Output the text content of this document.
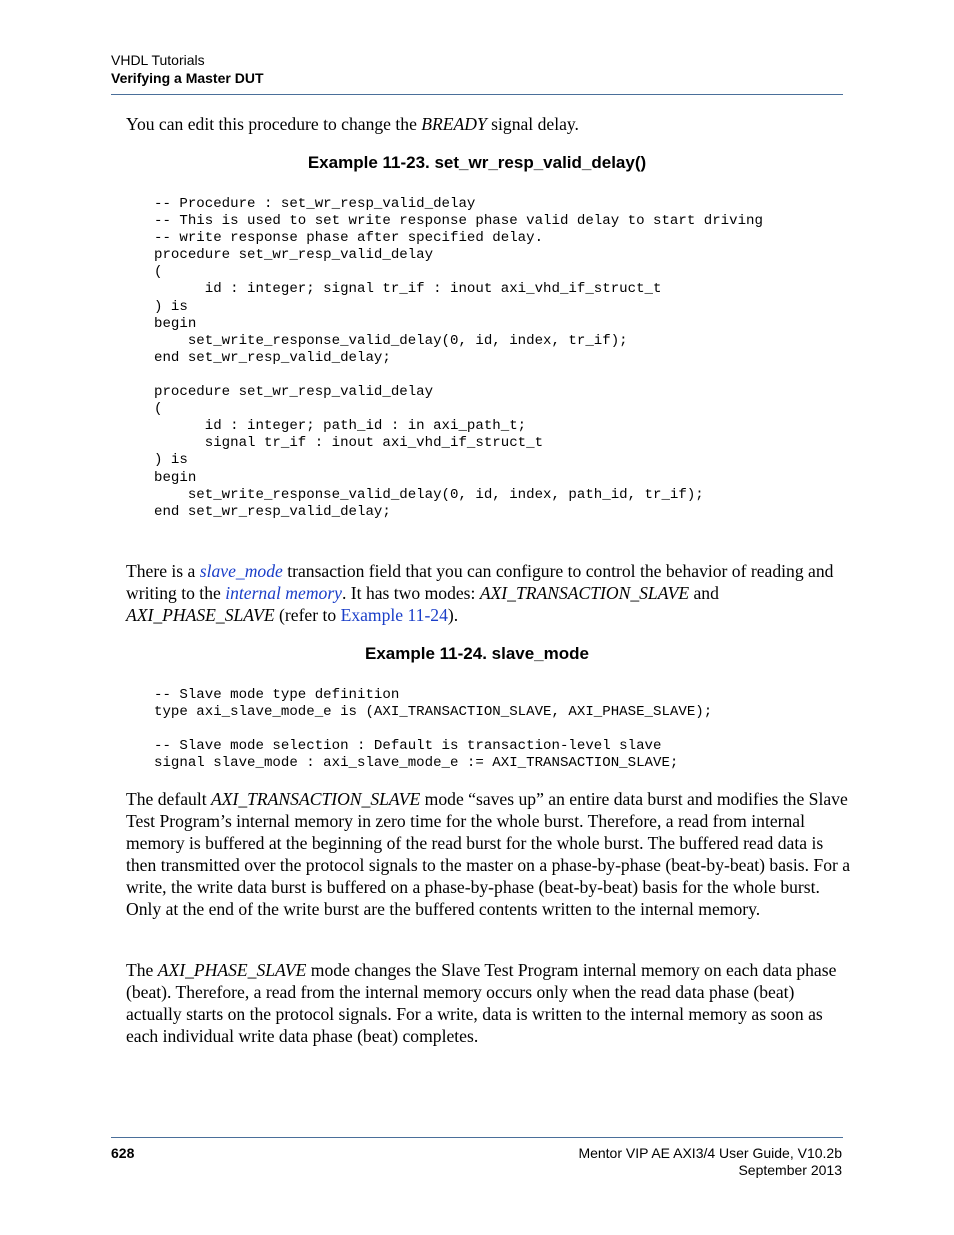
VHDL Tutorials
Verifying a Master DUT
You can edit this procedure to change the BREADY signal delay.
Example 11-23. set_wr_resp_valid_delay()
-- Procedure : set_wr_resp_valid_delay
-- This is used to set write response phase valid delay to start driving
-- write response phase after specified delay.
procedure set_wr_resp_valid_delay
(
id : integer; signal tr_if : inout axi_vhd_if_struct_t
) is
begin
set_write_response_valid_delay(0, id, index, tr_if);
end set_wr_resp_valid_delay;

procedure set_wr_resp_valid_delay
(
id : integer; path_id : in axi_path_t;
signal tr_if : inout axi_vhd_if_struct_t
) is
begin
set_write_response_valid_delay(0, id, index, path_id, tr_if);
end set_wr_resp_valid_delay;
There is a slave_mode transaction field that you can configure to control the behavior of reading and writing to the internal memory. It has two modes: AXI_TRANSACTION_SLAVE and AXI_PHASE_SLAVE (refer to Example 11-24).
Example 11-24. slave_mode
-- Slave mode type definition
type axi_slave_mode_e is (AXI_TRANSACTION_SLAVE, AXI_PHASE_SLAVE);

-- Slave mode selection : Default is transaction-level slave
signal slave_mode : axi_slave_mode_e := AXI_TRANSACTION_SLAVE;
The default AXI_TRANSACTION_SLAVE mode “saves up” an entire data burst and modifies the Slave Test Program’s internal memory in zero time for the whole burst. Therefore, a read from internal memory is buffered at the beginning of the read burst for the whole burst. The buffered read data is then transmitted over the protocol signals to the master on a phase-by-phase (beat-by-beat) basis. For a write, the write data burst is buffered on a phase-by-phase (beat-by-beat) basis for the whole burst. Only at the end of the write burst are the buffered contents written to the internal memory.
The AXI_PHASE_SLAVE mode changes the Slave Test Program internal memory on each data phase (beat). Therefore, a read from the internal memory occurs only when the read data phase (beat) actually starts on the protocol signals. For a write, data is written to the internal memory as soon as each individual write data phase (beat) completes.
628	Mentor VIP AE AXI3/4 User Guide, V10.2b
September 2013
